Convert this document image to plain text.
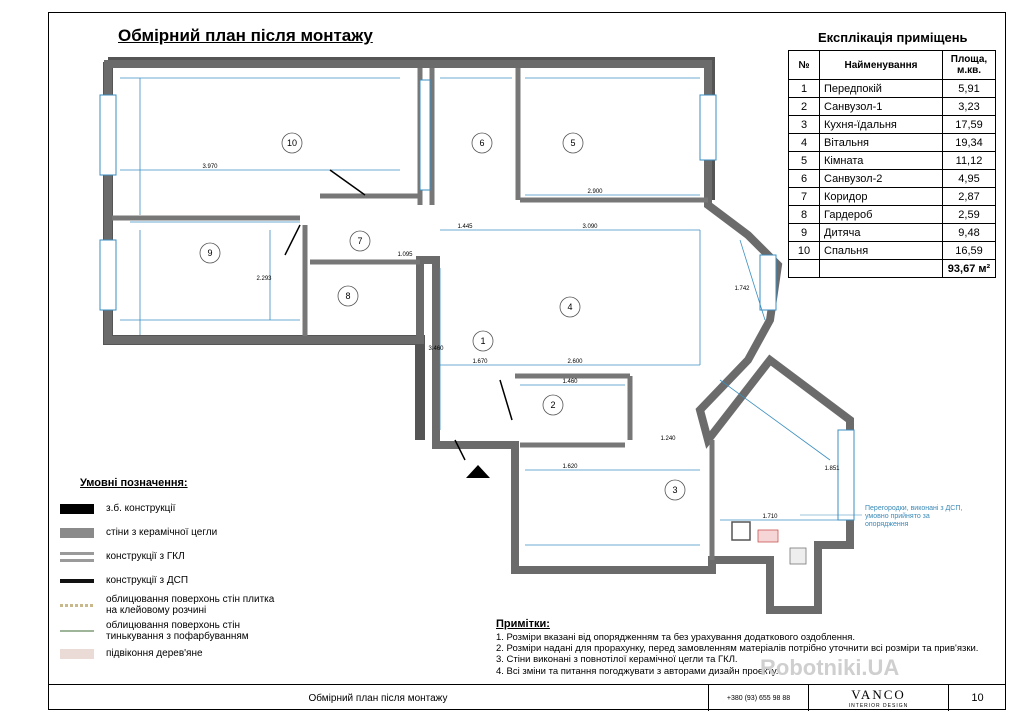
Обмірний план після монтажу
10	6	5
9
7
8
4
1
2
3
3.970
2.900
3.090
1.445
2.600
1.670
1.460
1.620
1.240
2.293
3.460
1.851
1.710
1.742
1.095
Перегородки, виконані з ДСП, умовно прийнято за опорядження
Експлікація приміщень
№	Найменування	Площа, м.кв.
1	Передпокій	5,91
2	Санвузол-1	3,23
3	Кухня-їдальня	17,59
4	Вітальня	19,34
5	Кімната	11,12
6	Санвузол-2	4,95
7	Коридор	2,87
8	Гардероб	2,59
9	Дитяча	9,48
10	Спальня	16,59
		93,67 м²
Умовні позначення:
з.б. конструкції
стіни з керамічної цегли
конструкції з ГКЛ
конструкції з ДСП
облицювання поверхонь стін плитка на клейовому розчині
облицювання поверхонь стін тинькування з пофарбуванням
підвіконня дерев'яне
Примітки:
1. Розміри вказані від опорядженням та без урахування додаткового оздоблення.
2. Розміри надані для прорахунку, перед замовленням матеріалів потрібно уточнити всі розміри та прив'язки.
3. Стіни виконані з повнотілої керамічної цегли та ГКЛ.
4. Всі зміни та питання погоджувати з авторами дизайн проекту.
Robotniki.UA
Обмірний план після монтажу	+380 (93) 655 98 88	VANCO
INTERIOR DESIGN
10
